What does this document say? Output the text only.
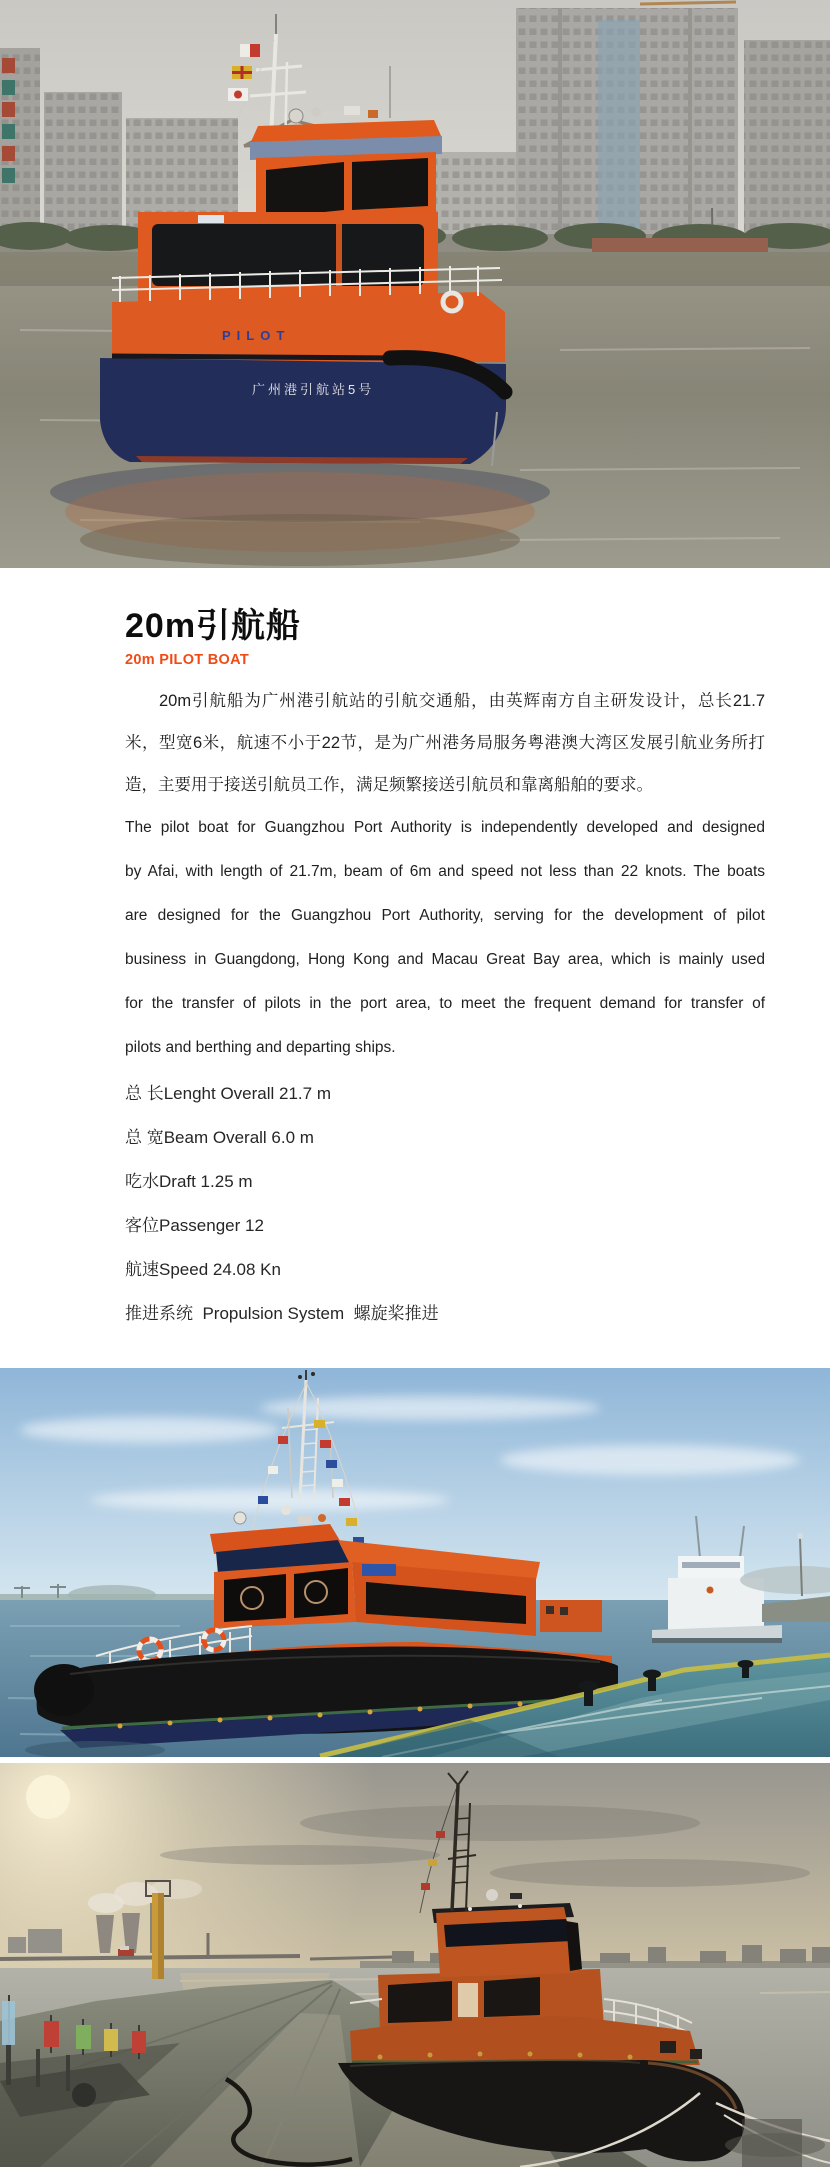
PILOT
广州港引航站5号
20m引航船
20m PILOT BOAT
20m引航船为广州港引航站的引航交通船，由英辉南方自主研发设计，总长21.7
米，型宽6米，航速不小于22节，是为广州港务局服务粤港澳大湾区发展引航业务所打
造，主要用于接送引航员工作，满足频繁接送引航员和靠离船舶的要求。
The pilot boat for Guangzhou Port Authority is independently developed and designed
by Afai, with length of 21.7m, beam of 6m and speed not less than 22 knots. The boats
are designed for the Guangzhou Port Authority, serving for the development of pilot
business in Guangdong, Hong Kong and Macau Great Bay area, which is mainly used
for the transfer of pilots in the port area, to meet the frequent demand for transfer of
pilots and berthing and departing ships.
总 长Lenght Overall 21.7 m
总 宽Beam Overall 6.0 m
吃水Draft 1.25 m
客位Passenger 12
航速Speed 24.08 Kn
推进系统  Propulsion System  螺旋桨推进
